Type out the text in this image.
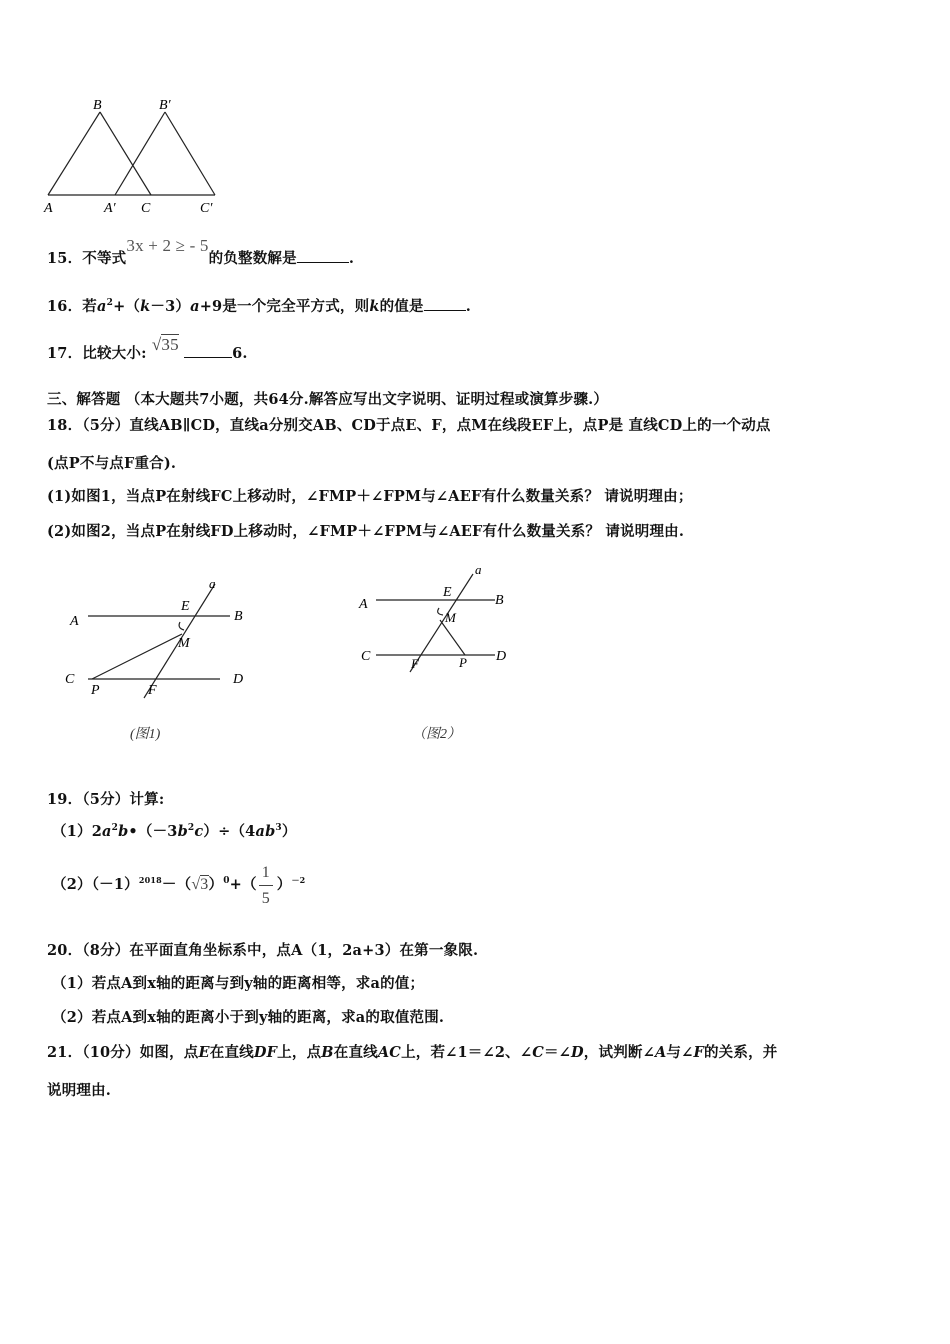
B	B′
A	A′ C	C′
15．不等式3x + 2 ≥ - 5的负整数解是	.
16．若$a^2+(k-3)a+9$是一个完全平方式，则k的值是	.
17．比较大小: √35	6.
三、解答题 （本大题共7小题，共64分.解答应写出文字说明、证明过程或演算步骤.）
18．（5分）直线AB∥CD，直线a分别交AB、CD于点E、F，点M在线段EF上，点P是 直线CD上的一个动点
(点P不与点F重合).
(1)如图1，当点P在射线FC上移动时，∠FMP＋∠FPM与∠AEF有什么数量关系？ 请说明理由；
(2)如图2，当点P在射线FD上移动时，∠FMP＋∠FPM与∠AEF有什么数量关系？ 请说明理由.
a
A
E
B
M
C
P	F
D
(图1)
a
A
E
B
M
C	F	P D
（图2）
19．（5分）计算:
$(1)2a^2b•(-3b^2c)\div(4ab^3)$
$(2)(-1)^{2018}-(√3)^0+$（
1
5
）$^{-2}$
20．（8分）在平面直角坐标系中，点A（1，2a+3）在第一象限.
（1）若点A到x轴的距离与到y轴的距离相等，求a的值；
（2）若点A到x轴的距离小于到y轴的距离，求a的取值范围.
21．（10分）如图，点E在直线DF上，点B在直线AC上，若∠1＝∠2、∠C＝∠D，试判断∠A与∠F的关系，并
说明理由.
